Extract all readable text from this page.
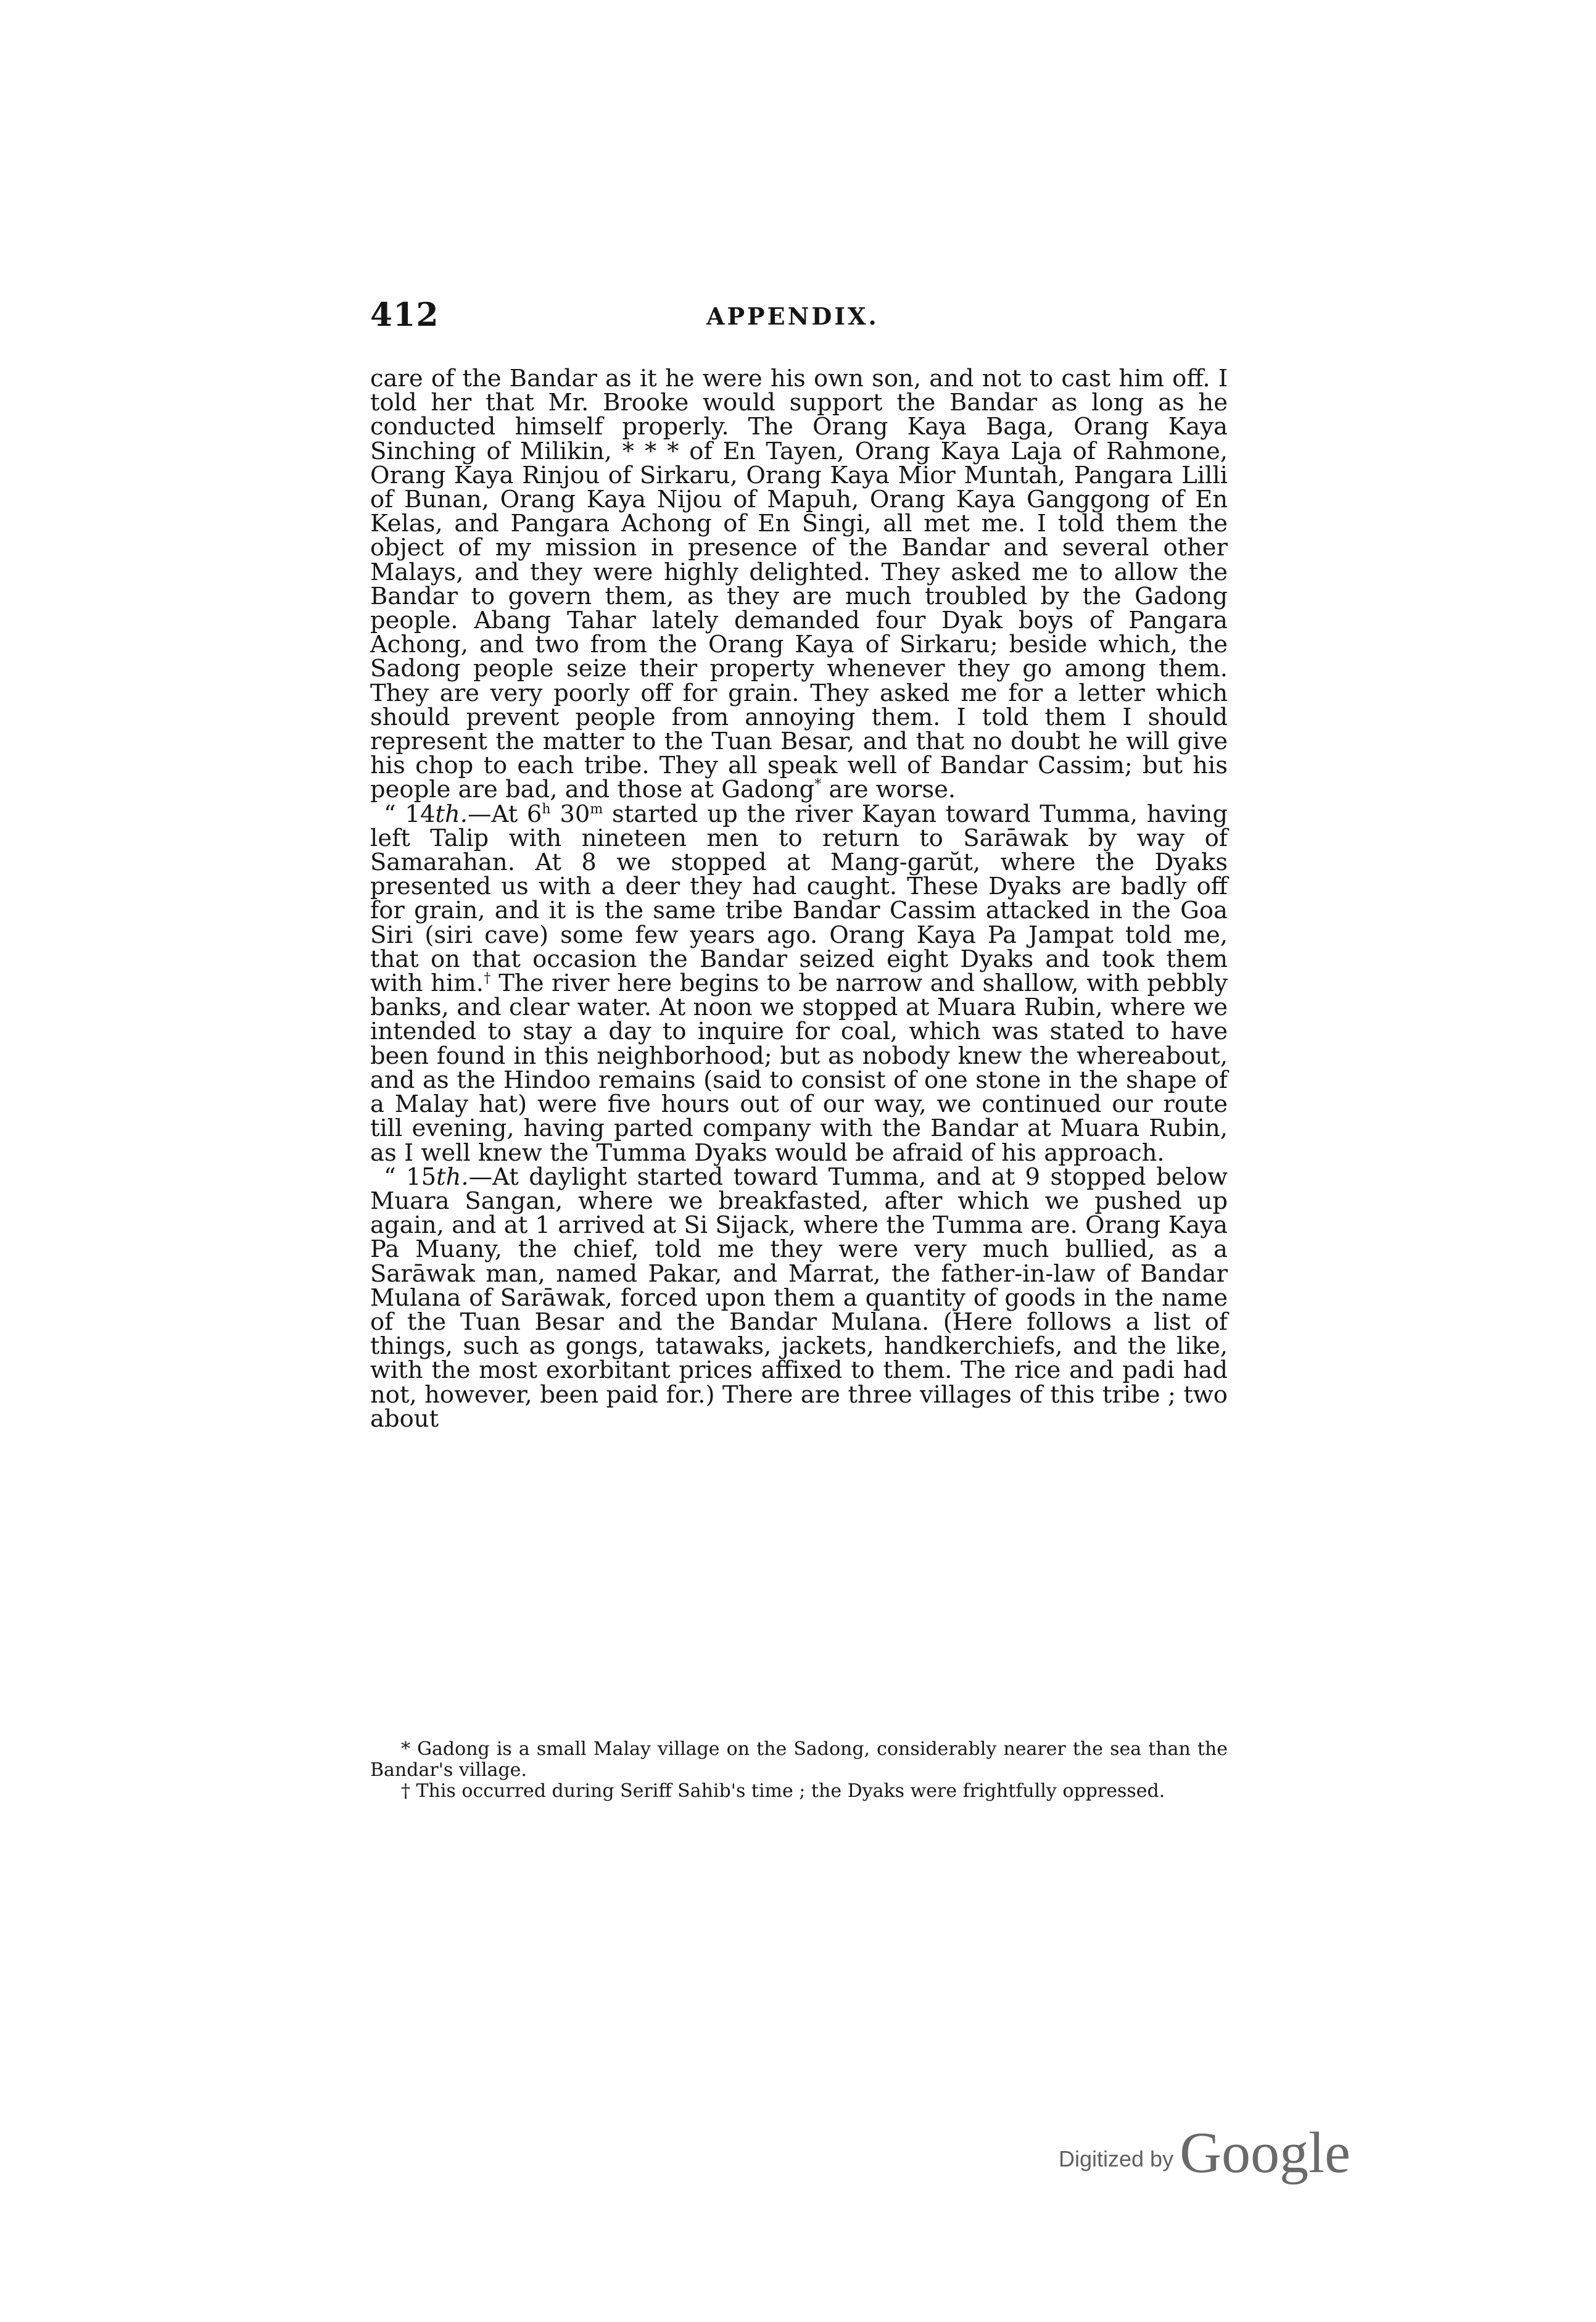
412	APPENDIX.

care of the Bandar as it he were his own son, and not to cast him off. I told her that Mr. Brooke would support the Bandar as long as he conducted himself properly. The Orang Kaya Baga, Orang Kaya Sinching of Milikin, * * * of En Tayen, Orang Kaya Laja of Rahmone, Orang Kaya Rinjou of Sirkaru, Orang Kaya Mior Muntah, Pangara Lilli of Bunan, Orang Kaya Nijou of Mapuh, Orang Kaya Ganggong of En Kelas, and Pangara Achong of En Singi, all met me. I told them the object of my mission in presence of the Bandar and several other Malays, and they were highly delighted. They asked me to allow the Bandar to govern them, as they are much troubled by the Gadong people. Abang Tahar lately demanded four Dyak boys of Pangara Achong, and two from the Orang Kaya of Sirkaru; beside which, the Sadong people seize their property whenever they go among them. They are very poorly off for grain. They asked me for a letter which should prevent people from annoying them. I told them I should represent the matter to the Tuan Besar, and that no doubt he will give his chop to each tribe. They all speak well of Bandar Cassim; but his people are bad, and those at Gadong* are worse.

“ 14th.—At 6$^h$ 30$^m$ started up the river Kayan toward Tumma, having left Talip with nineteen men to return to Sarāwak by way of Samarahan. At 8 we stopped at Mang-garŭt, where the Dyaks presented us with a deer they had caught. These Dyaks are badly off for grain, and it is the same tribe Bandar Cassim attacked in the Goa Siri (siri cave) some few years ago. Orang Kaya Pa Jampat told me, that on that occasion the Bandar seized eight Dyaks and took them with him.† The river here begins to be narrow and shallow, with pebbly banks, and clear water. At noon we stopped at Muara Rubin, where we intended to stay a day to inquire for coal, which was stated to have been found in this neighborhood; but as nobody knew the whereabout, and as the Hindoo remains (said to consist of one stone in the shape of a Malay hat) were five hours out of our way, we continued our route till evening, having parted company with the Bandar at Muara Rubin, as I well knew the Tumma Dyaks would be afraid of his approach.

“ 15th.—At daylight started toward Tumma, and at 9 stopped below Muara Sangan, where we breakfasted, after which we pushed up again, and at 1 arrived at Si Sijack, where the Tumma are. Orang Kaya Pa Muany, the chief, told me they were very much bullied, as a Sarāwak man, named Pakar, and Marrat, the father-in-law of Bandar Mulana of Sarāwak, forced upon them a quantity of goods in the name of the Tuan Besar and the Bandar Mulana. (Here follows a list of things, such as gongs, tatawaks, jackets, handkerchiefs, and the like, with the most exorbitant prices affixed to them. The rice and padi had not, however, been paid for.) There are three villages of this tribe ; two about

* Gadong is a small Malay village on the Sadong, considerably nearer the sea than the Bandar's village.

† This occurred during Seriff Sahib's time ; the Dyaks were frightfully oppressed.

Digitized by Google
